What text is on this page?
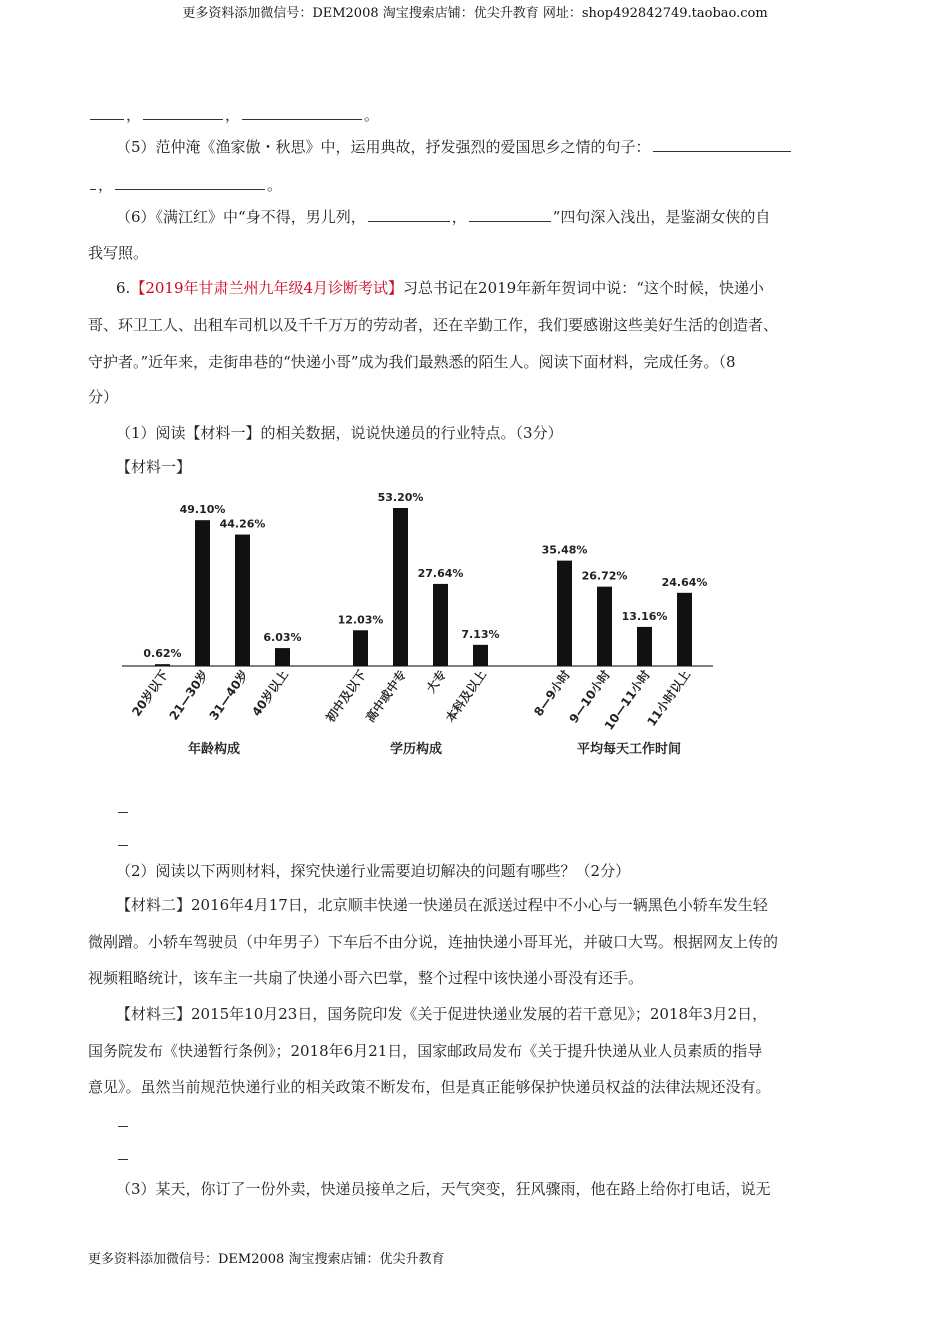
更多资料添加微信号：DEM2008 淘宝搜索店铺：优尖升教育 网址：shop492842749.taobao.com
，	，	。
（5）范仲淹《渔家傲・秋思》中，运用典故，抒发强烈的爱国思乡之情的句子：
，	。
（6）《满江红》中“身不得，男儿列，	，	”四句深入浅出，是鉴湖女侠的自
我写照。
6.【2019年甘肃兰州九年级4月诊断考试】习总书记在2019年新年贺词中说：“这个时候，快递小
哥、环卫工人、出租车司机以及千千万万的劳动者，还在辛勤工作，我们要感谢这些美好生活的创造者、
守护者。”近年来，走街串巷的“快递小哥”成为我们最熟悉的陌生人。阅读下面材料，完成任务。（8
分）
（1）阅读【材料一】的相关数据，说说快递员的行业特点。（3分）
【材料一】
0.62%
20岁以下
49.10%
21—30岁
44.26%
31—40岁
6.03%
40岁以上
年龄构成
12.03%
初中及以下
53.20%
高中或中专
27.64%
大专
7.13%
本科及以上
学历构成
35.48%
8—9小时
26.72%
9—10小时
13.16%
10—11小时
24.64%
11小时以上
平均每天工作时间
（2）阅读以下两则材料，探究快递行业需要迫切解决的问题有哪些？（2分）
【材料二】2016年4月17日，北京顺丰快递一快递员在派送过程中不小心与一辆黑色小轿车发生轻
微剐蹭。小轿车驾驶员（中年男子）下车后不由分说，连抽快递小哥耳光，并破口大骂。根据网友上传的
视频粗略统计，该车主一共扇了快递小哥六巴掌，整个过程中该快递小哥没有还手。
【材料三】2015年10月23日，国务院印发《关于促进快递业发展的若干意见》；2018年3月2日，
国务院发布《快递暂行条例》；2018年6月21日，国家邮政局发布《关于提升快递从业人员素质的指导
意见》。虽然当前规范快递行业的相关政策不断发布，但是真正能够保护快递员权益的法律法规还没有。
（3）某天，你订了一份外卖，快递员接单之后，天气突变，狂风骤雨，他在路上给你打电话，说无
更多资料添加微信号：DEM2008 淘宝搜索店铺：优尖升教育
